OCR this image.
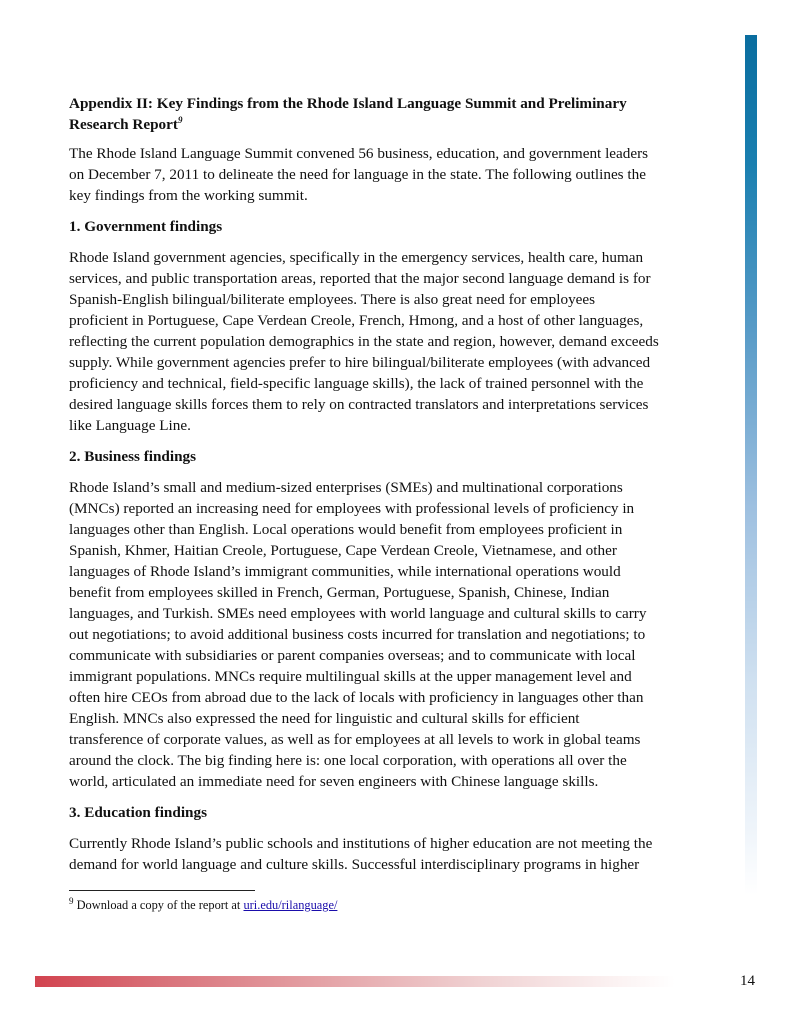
14
Appendix II: Key Findings from the Rhode Island Language Summit and Preliminary
Research Report$^9$

The Rhode Island Language Summit convened 56 business, education, and government leaders
on December 7, 2011 to delineate the need for language in the state. The following outlines the
key findings from the working summit.

1. Government findings

Rhode Island government agencies, specifically in the emergency services, health care, human
services, and public transportation areas, reported that the major second language demand is for
Spanish-English bilingual/biliterate employees. There is also great need for employees
proficient in Portuguese, Cape Verdean Creole, French, Hmong, and a host of other languages,
reflecting the current population demographics in the state and region, however, demand exceeds
supply. While government agencies prefer to hire bilingual/biliterate employees (with advanced
proficiency and technical, field-specific language skills), the lack of trained personnel with the
desired language skills forces them to rely on contracted translators and interpretations services
like Language Line.

2. Business findings

Rhode Island’s small and medium-sized enterprises (SMEs) and multinational corporations
(MNCs) reported an increasing need for employees with professional levels of proficiency in
languages other than English. Local operations would benefit from employees proficient in
Spanish, Khmer, Haitian Creole, Portuguese, Cape Verdean Creole, Vietnamese, and other
languages of Rhode Island’s immigrant communities, while international operations would
benefit from employees skilled in French, German, Portuguese, Spanish, Chinese, Indian
languages, and Turkish. SMEs need employees with world language and cultural skills to carry
out negotiations; to avoid additional business costs incurred for translation and negotiations; to
communicate with subsidiaries or parent companies overseas; and to communicate with local
immigrant populations. MNCs require multilingual skills at the upper management level and
often hire CEOs from abroad due to the lack of locals with proficiency in languages other than
English. MNCs also expressed the need for linguistic and cultural skills for efficient
transference of corporate values, as well as for employees at all levels to work in global teams
around the clock. The big finding here is: one local corporation, with operations all over the
world, articulated an immediate need for seven engineers with Chinese language skills.

3. Education findings

Currently Rhode Island’s public schools and institutions of higher education are not meeting the
demand for world language and culture skills. Successful interdisciplinary programs in higher

$^9$ Download a copy of the report at uri.edu/rilanguage/
